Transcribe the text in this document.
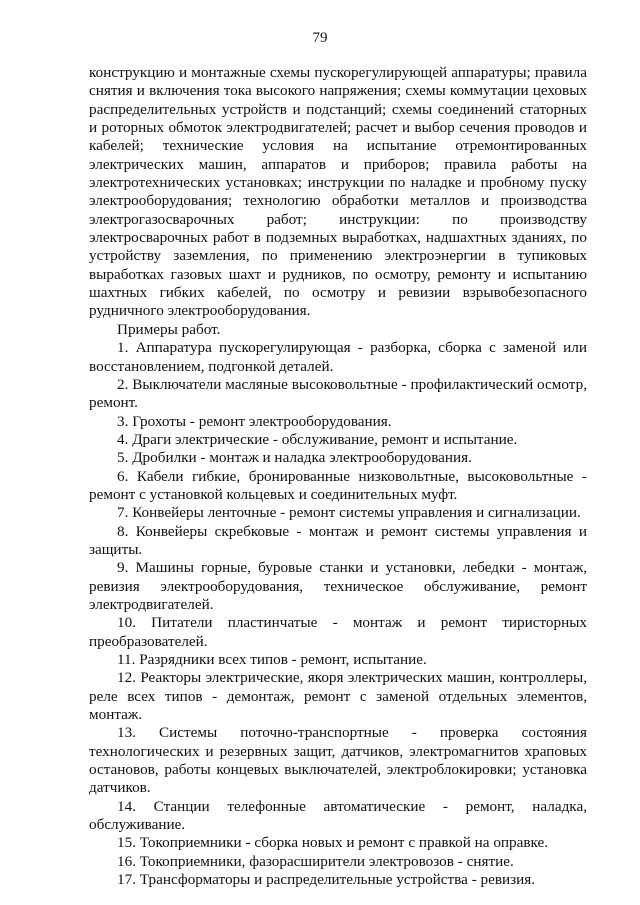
79

конструкцию и монтажные схемы пускорегулирующей аппаратуры; правила снятия и включения тока высокого напряжения; схемы коммутации цеховых распределительных устройств и подстанций; схемы соединений статорных и роторных обмоток электродвигателей; расчет и выбор сечения проводов и кабелей; технические условия на испытание отремонтированных электрических машин, аппаратов и приборов; правила работы на электротехнических установках; инструкции по наладке и пробному пуску электрооборудования; технологию обработки металлов и производства электрогазосварочных работ; инструкции: по производству электросварочных работ в подземных выработках, надшахтных зданиях, по устройству заземления, по применению электроэнергии в тупиковых выработках газовых шахт и рудников, по осмотру, ремонту и испытанию шахтных гибких кабелей, по осмотру и ревизии взрывобезопасного рудничного электрооборудования.

Примеры работ.

1. Аппаратура пускорегулирующая - разборка, сборка с заменой или восстановлением, подгонкой деталей.

2. Выключатели масляные высоковольтные - профилактический осмотр, ремонт.

3. Грохоты - ремонт электрооборудования.

4. Драги электрические - обслуживание, ремонт и испытание.

5. Дробилки - монтаж и наладка электрооборудования.

6. Кабели гибкие, бронированные низковольтные, высоковольтные - ремонт с установкой кольцевых и соединительных муфт.

7. Конвейеры ленточные - ремонт системы управления и сигнализации.

8. Конвейеры скребковые - монтаж и ремонт системы управления и защиты.

9. Машины горные, буровые станки и установки, лебедки - монтаж, ревизия электрооборудования, техническое обслуживание, ремонт электродвигателей.

10. Питатели пластинчатые - монтаж и ремонт тиристорных преобразователей.

11. Разрядники всех типов - ремонт, испытание.

12. Реакторы электрические, якоря электрических машин, контроллеры, реле всех типов - демонтаж, ремонт с заменой отдельных элементов, монтаж.

13. Системы поточно-транспортные - проверка состояния технологических и резервных защит, датчиков, электромагнитов храповых остановов, работы концевых выключателей, электроблокировки; установка датчиков.

14. Станции телефонные автоматические - ремонт, наладка, обслуживание.

15. Токоприемники - сборка новых и ремонт с правкой на оправке.

16. Токоприемники, фазорасширители электровозов - снятие.

17. Трансформаторы и распределительные устройства - ревизия.
